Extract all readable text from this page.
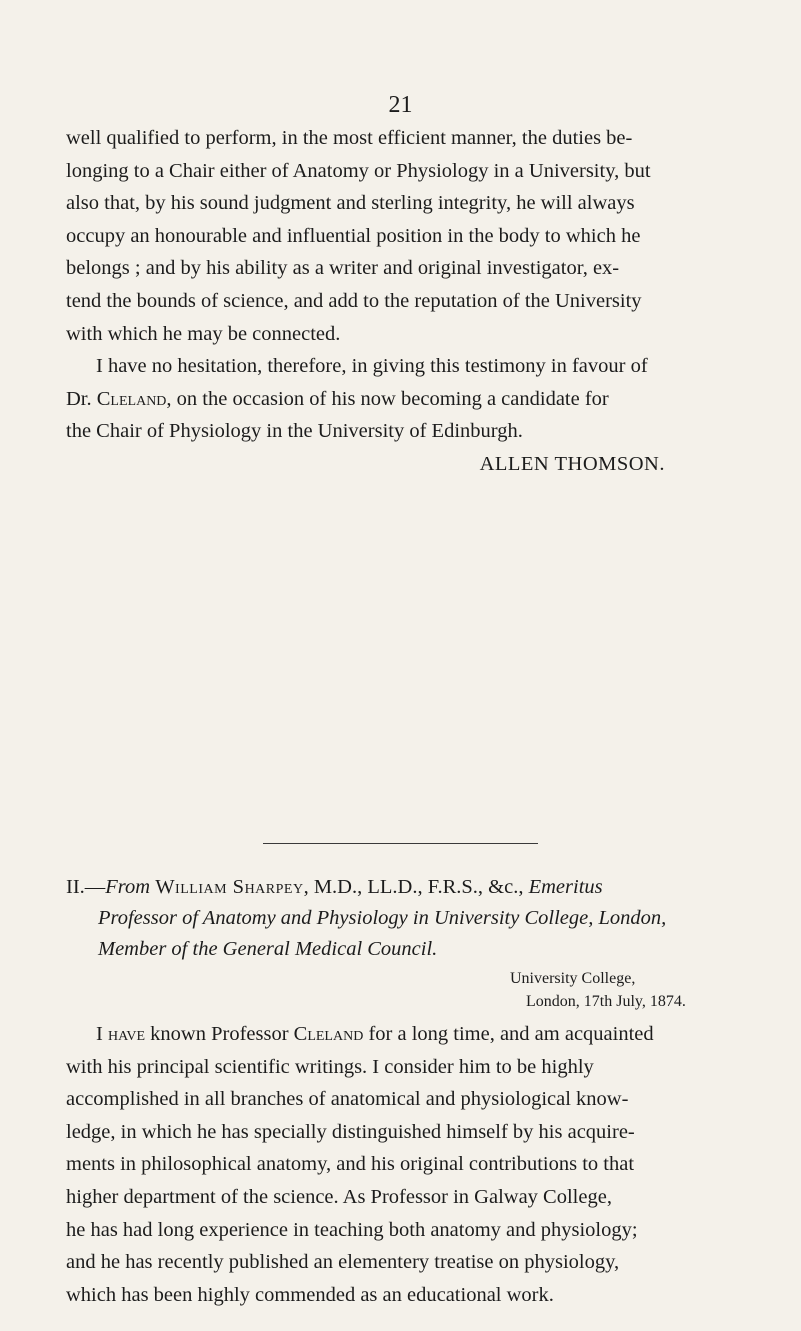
21

well qualified to perform, in the most efficient manner, the duties be-

longing to a Chair either of Anatomy or Physiology in a University, but

also that, by his sound judgment and sterling integrity, he will always

occupy an honourable and influential position in the body to which he

belongs ; and by his ability as a writer and original investigator, ex-

tend the bounds of science, and add to the reputation of the University

with which he may be connected.

I have no hesitation, therefore, in giving this testimony in favour of

Dr. Cleland, on the occasion of his now becoming a candidate for

the Chair of Physiology in the University of Edinburgh.

ALLEN THOMSON.

II.—From William Sharpey, M.D., LL.D., F.R.S., &c., Emeritus
Professor of Anatomy and Physiology in University College, London,
Member of the General Medical Council.
University College,
London, 17th July, 1874.

I have known Professor Cleland for a long time, and am acquainted

with his principal scientific writings. I consider him to be highly

accomplished in all branches of anatomical and physiological know-

ledge, in which he has specially distinguished himself by his acquire-

ments in philosophical anatomy, and his original contributions to that

higher department of the science. As Professor in Galway College,

he has had long experience in teaching both anatomy and physiology;

and he has recently published an elementery treatise on physiology,

which has been highly commended as an educational work.
